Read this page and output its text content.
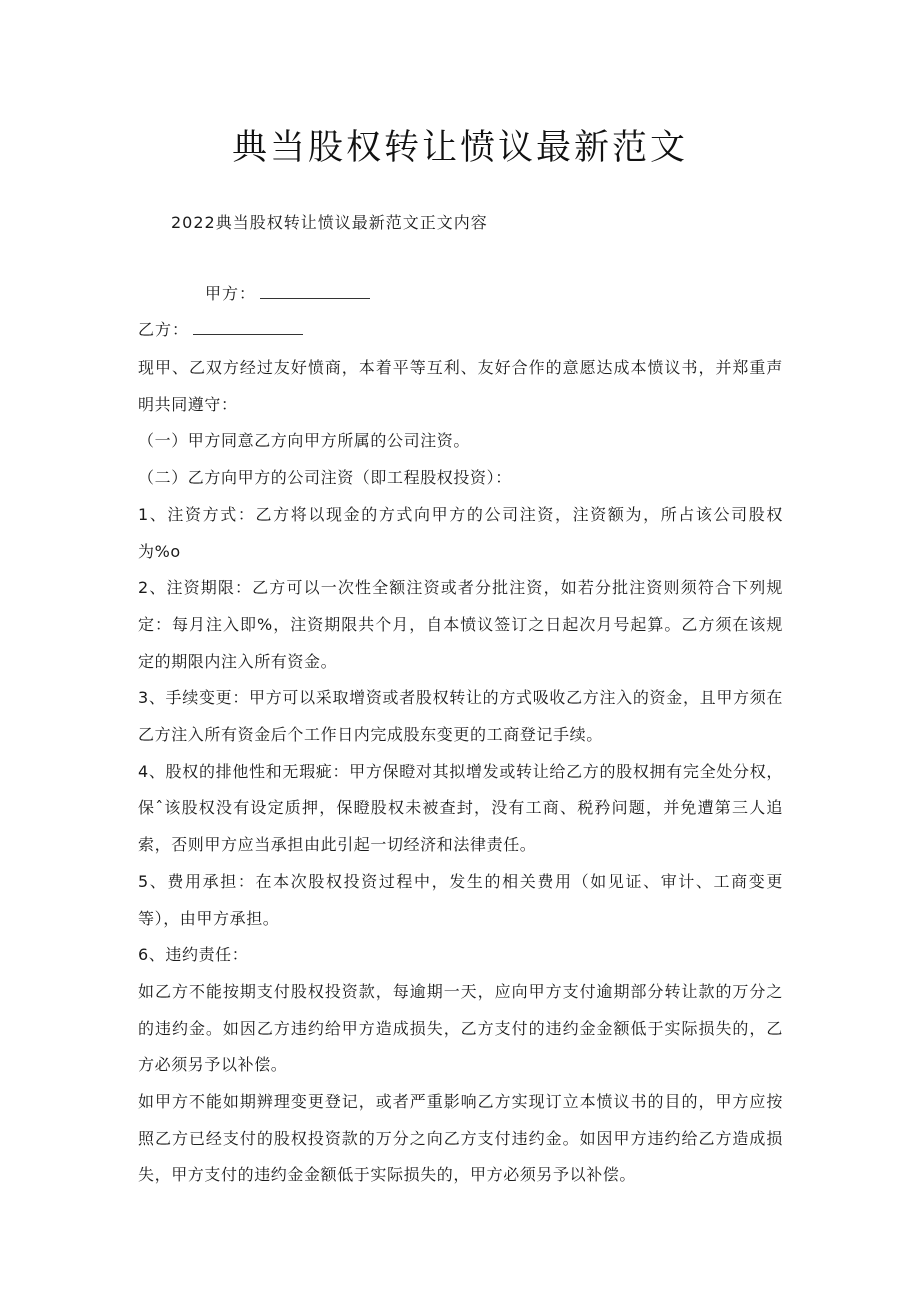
典当股权转让愤议最新范文
2022典当股权转让愤议最新范文正文内容
甲方：
乙方：

现甲、乙双方经过友好愤商，本着平等互利、友好合作的意愿达成本愤议书，并郑重声明共同遵守：

（一）甲方同意乙方向甲方所属的公司注资。

（二）乙方向甲方的公司注资（即工程股权投资）：

1、注资方式：乙方将以现金的方式向甲方的公司注资，注资额为，所占该公司股权为%o

2、注资期限：乙方可以一次性全额注资或者分批注资，如若分批注资则须符合下列规定：每月注入即%，注资期限共个月，自本愤议签订之日起次月号起算。乙方须在该规定的期限内注入所有资金。

3、手续变更：甲方可以采取增资或者股权转让的方式吸收乙方注入的资金，且甲方须在乙方注入所有资金后个工作日内完成股东变更的工商登记手续。

4、股权的排他性和无瑕疵：甲方保瞪对其拟增发或转让给乙方的股权拥有完全处分权，保ˆ该股权没有设定质押，保瞪股权未被查封，没有工商、税矜问题，并免遭第三人追索，否则甲方应当承担由此引起一切经济和法律责任。

5、费用承担：在本次股权投资过程中，发生的相关费用（如见证、审计、工商变更等），由甲方承担。

6、违约责任：

如乙方不能按期支付股权投资款，每逾期一天，应向甲方支付逾期部分转让款的万分之的违约金。如因乙方违约给甲方造成损失，乙方支付的违约金金额低于实际损失的，乙方必须另予以补偿。

如甲方不能如期辨理变更登记，或者严重影响乙方实现订立本愤议书的目的，甲方应按照乙方已经支付的股权投资款的万分之向乙方支付违约金。如因甲方违约给乙方造成损失，甲方支付的违约金金额低于实际损失的，甲方必须另予以补偿。
